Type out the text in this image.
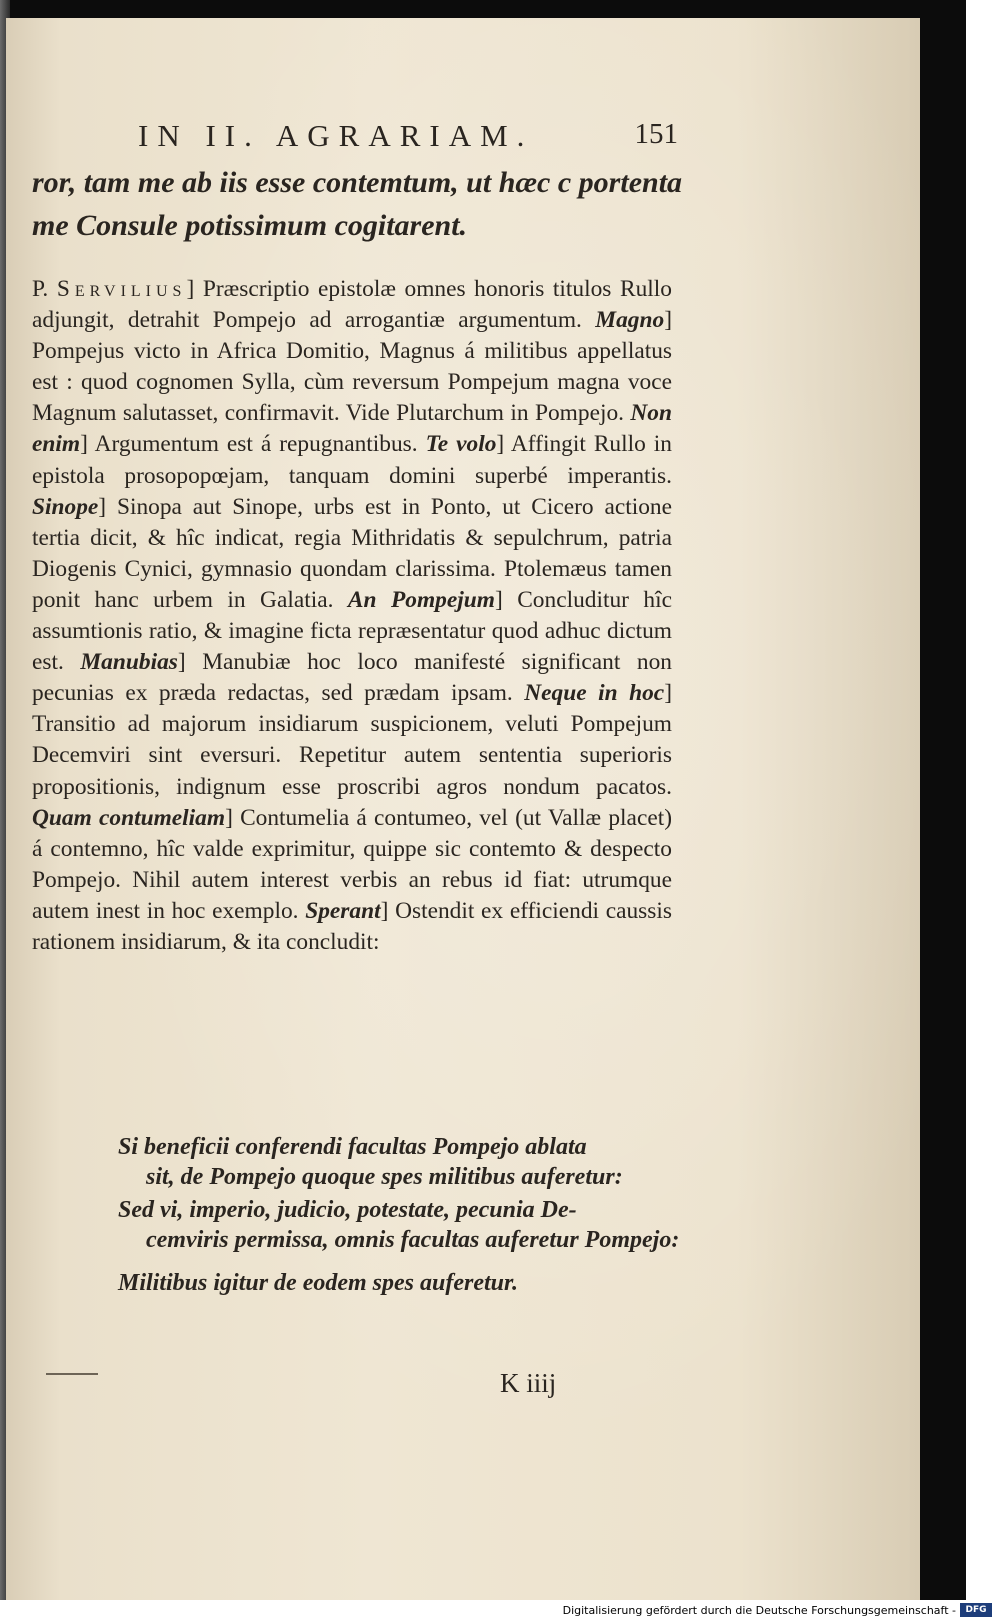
IN II. AGRARIAM.	151
ror, tam me ab iis esse contemtum, ut hæc c portenta
me Consule potissimum cogitarent.
P. Servilius] Præscriptio epistolæ omnes honoris titulos Rullo adjungit, detrahit Pompejo ad arrogantiæ argumentum. Magno] Pompejus victo in Africa Domitio, Magnus á militibus appellatus est : quod cognomen Sylla, cùm reversum Pompejum magna voce Magnum salutasset, confirmavit. Vide Plutarchum in Pompejo. Non enim] Argumentum est á repugnantibus. Te volo] Affingit Rullo in epistola prosopopœjam, tanquam domini superbé imperantis. Sinope] Sinopa aut Sinope, urbs est in Ponto, ut Cicero actione tertia dicit, & hîc indicat, regia Mithridatis & sepulchrum, patria Diogenis Cynici, gymnasio quondam clarissima. Ptolemæus tamen ponit hanc urbem in Galatia. An Pompejum] Concluditur hîc assumtionis ratio, & imagine ficta repræsentatur quod adhuc dictum est. Manubias] Manubiæ hoc loco manifesté significant non pecunias ex præda redactas, sed prædam ipsam. Neque in hoc] Transitio ad majorum insidiarum suspicionem, veluti Pompejum Decemviri sint eversuri. Repetitur autem sententia superioris propositionis, indignum esse proscribi agros nondum pacatos. Quam contumeliam] Contumelia á contumeo, vel (ut Vallæ placet) á contemno, hîc valde exprimitur, quippe sic contemto & despecto Pompejo. Nihil autem interest verbis an rebus id fiat: utrumque autem inest in hoc exemplo. Sperant] Ostendit ex efficiendi caussis rationem insidiarum, & ita concludit:
Si beneficii conferendi facultas Pompejo ablata
sit, de Pompejo quoque spes militibus auferetur:
Sed vi, imperio, judicio, potestate, pecunia De-
cemviris permissa, omnis facultas auferetur Pompejo:
Militibus igitur de eodem spes auferetur.
K iiij
Digitalisierung gefördert durch die Deutsche Forschungsgemeinschaft -	DFG
